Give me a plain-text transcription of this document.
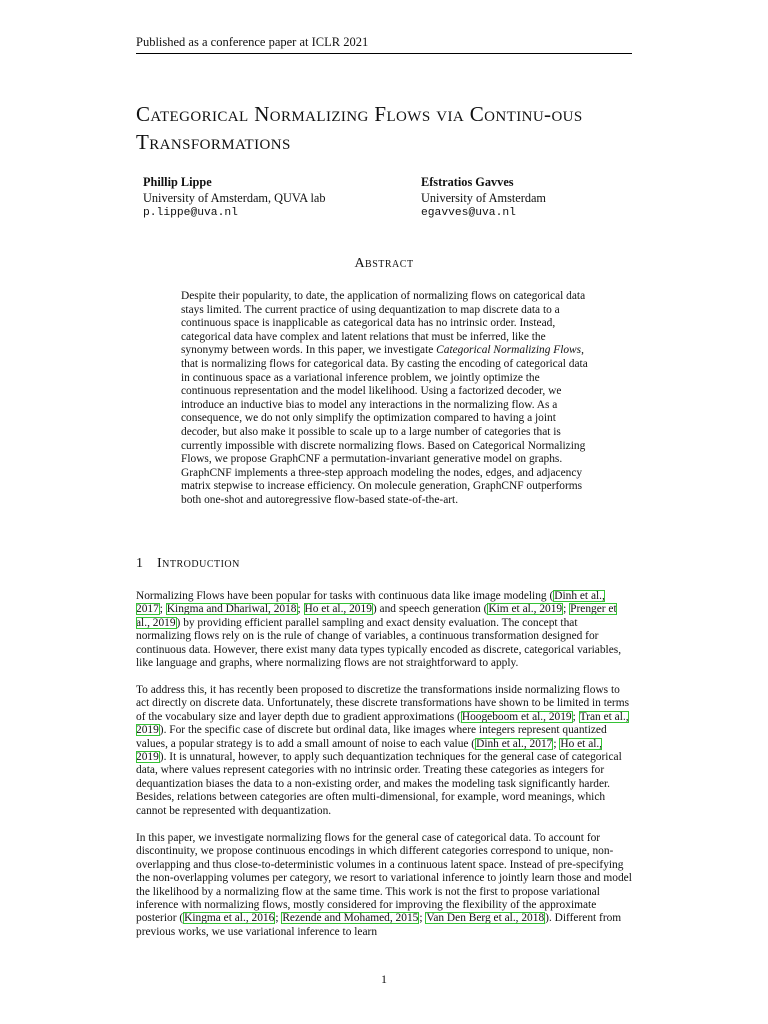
Published as a conference paper at ICLR 2021
Categorical Normalizing Flows via Continu-ous Transformations
Phillip Lippe
University of Amsterdam, QUVA lab
p.lippe@uva.nl
Efstratios Gavves
University of Amsterdam
egavves@uva.nl
Abstract

Despite their popularity, to date, the application of normalizing flows on categorical data stays limited. The current practice of using dequantization to map discrete data to a continuous space is inapplicable as categorical data has no intrinsic order. Instead, categorical data have complex and latent relations that must be inferred, like the synonymy between words. In this paper, we investigate Categorical Normalizing Flows, that is normalizing flows for categorical data. By casting the encoding of categorical data in continuous space as a variational inference problem, we jointly optimize the continuous representation and the model likelihood. Using a factorized decoder, we introduce an inductive bias to model any interactions in the normalizing flow. As a consequence, we do not only simplify the optimization compared to having a joint decoder, but also make it possible to scale up to a large number of categories that is currently impossible with discrete normalizing flows. Based on Categorical Normalizing Flows, we propose GraphCNF a permutation-invariant generative model on graphs. GraphCNF implements a three-step approach modeling the nodes, edges, and adjacency matrix stepwise to increase efficiency. On molecule generation, GraphCNF outperforms both one-shot and autoregressive flow-based state-of-the-art.

1 Introduction

Normalizing Flows have been popular for tasks with continuous data like image modeling (Dinh et al., 2017; Kingma and Dhariwal, 2018; Ho et al., 2019) and speech generation (Kim et al., 2019; Prenger et al., 2019) by providing efficient parallel sampling and exact density evaluation. The concept that normalizing flows rely on is the rule of change of variables, a continuous transformation designed for continuous data. However, there exist many data types typically encoded as discrete, categorical variables, like language and graphs, where normalizing flows are not straightforward to apply.

To address this, it has recently been proposed to discretize the transformations inside normalizing flows to act directly on discrete data. Unfortunately, these discrete transformations have shown to be limited in terms of the vocabulary size and layer depth due to gradient approximations (Hoogeboom et al., 2019; Tran et al., 2019). For the specific case of discrete but ordinal data, like images where integers represent quantized values, a popular strategy is to add a small amount of noise to each value (Dinh et al., 2017; Ho et al., 2019). It is unnatural, however, to apply such dequantization techniques for the general case of categorical data, where values represent categories with no intrinsic order. Treating these categories as integers for dequantization biases the data to a non-existing order, and makes the modeling task significantly harder. Besides, relations between categories are often multi-dimensional, for example, word meanings, which cannot be represented with dequantization.

In this paper, we investigate normalizing flows for the general case of categorical data. To account for discontinuity, we propose continuous encodings in which different categories correspond to unique, non-overlapping and thus close-to-deterministic volumes in a continuous latent space. Instead of pre-specifying the non-overlapping volumes per category, we resort to variational inference to jointly learn those and model the likelihood by a normalizing flow at the same time. This work is not the first to propose variational inference with normalizing flows, mostly considered for improving the flexibility of the approximate posterior (Kingma et al., 2016; Rezende and Mohamed, 2015; Van Den Berg et al., 2018). Different from previous works, we use variational inference to learn

1
